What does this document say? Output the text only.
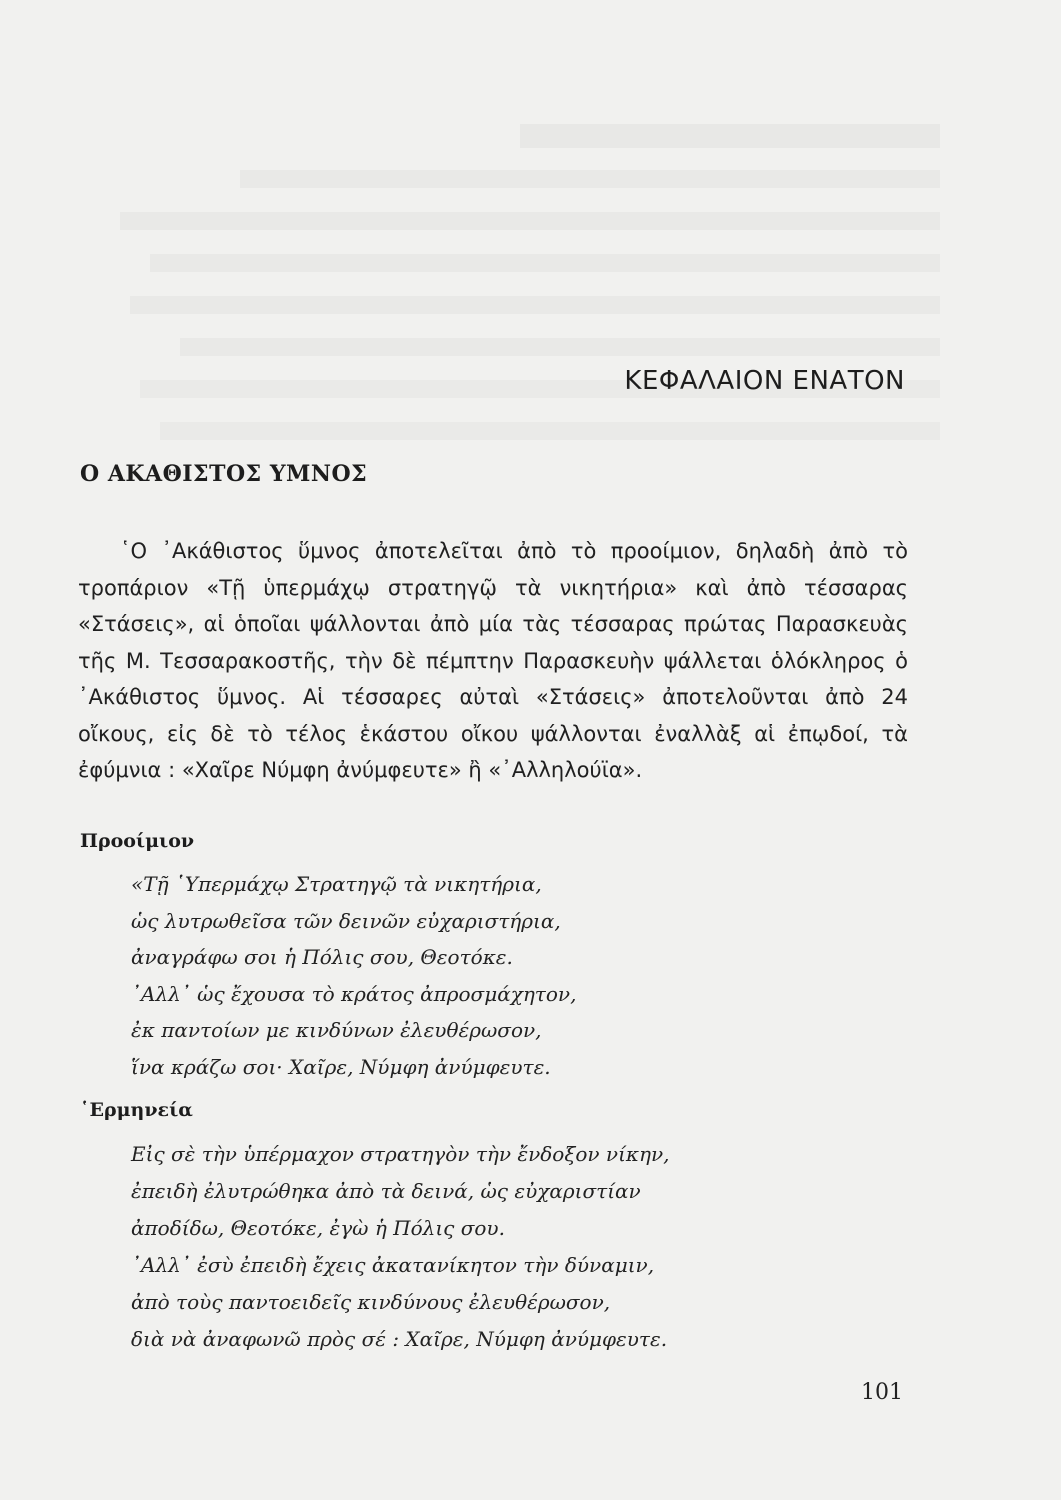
ΚΕΦΑΛΑΙΟΝ ΕΝΑΤΟΝ
Ο ΑΚΑΘΙΣΤΟΣ ΥΜΝΟΣ

῾Ο ᾿Ακάθιστος ὕμνος ἀποτελεῖται ἀπὸ τὸ προοίμιον, δηλαδὴ ἀπὸ τὸ τροπάριον «Τῇ ὑπερμάχῳ στρατηγῷ τὰ νικητήρια» καὶ ἀπὸ τέσσαρας «Στάσεις», αἱ ὁποῖαι ψάλλονται ἀπὸ μία τὰς τέσσαρας πρώτας Παρασκευὰς τῆς Μ. Τεσσαρακοστῆς, τὴν δὲ πέμπτην Παρασκευὴν ψάλλεται ὁλόκληρος ὁ ᾿Ακάθιστος ὕμνος. Αἱ τέσσαρες αὐταὶ «Στάσεις» ἀποτελοῦνται ἀπὸ 24 οἴκους, εἰς δὲ τὸ τέλος ἑκάστου οἴκου ψάλλονται ἐναλλὰξ αἱ ἐπῳδοί, τὰ ἐφύμνια : «Χαῖρε Νύμφη ἀνύμφευτε» ἢ «᾿Αλληλούϊα».

Προοίμιον
«Τῇ ῾Υπερμάχῳ Στρατηγῷ τὰ νικητήρια,
ὡς λυτρωθεῖσα τῶν δεινῶν εὐχαριστήρια,
ἀναγράφω σοι ἡ Πόλις σου, Θεοτόκε.
᾿Αλλ᾿ ὡς ἔχουσα τὸ κράτος ἀπροσμάχητον,
ἐκ παντοίων με κινδύνων ἐλευθέρωσον,
ἵνα κράζω σοι· Χαῖρε, Νύμφη ἀνύμφευτε.
῾Ερμηνεία
Εἰς σὲ τὴν ὑπέρμαχον στρατηγὸν τὴν ἔνδοξον νίκην,
ἐπειδὴ ἐλυτρώθηκα ἀπὸ τὰ δεινά, ὡς εὐχαριστίαν
ἀποδίδω, Θεοτόκε, ἐγὼ ἡ Πόλις σου.
᾿Αλλ᾿ ἐσὺ ἐπειδὴ ἔχεις ἀκατανίκητον τὴν δύναμιν,
ἀπὸ τοὺς παντοειδεῖς κινδύνους ἐλευθέρωσον,
διὰ νὰ ἀναφωνῶ πρὸς σέ : Χαῖρε, Νύμφη ἀνύμφευτε.
101
